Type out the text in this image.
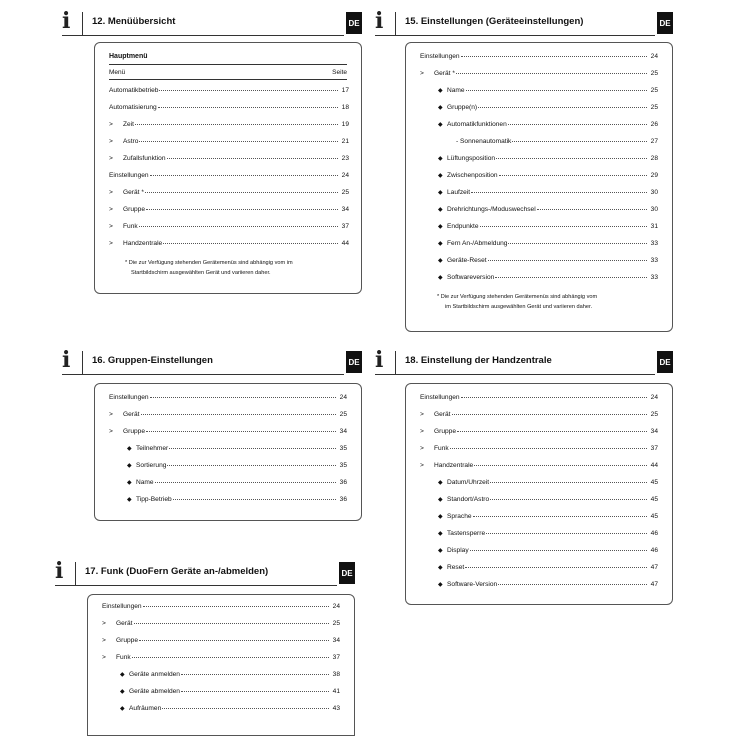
i 12. Menüübersicht	DE
Hauptmenü
Menü	Seite
* Die zur Verfügung stehenden Gerätemenüs sind abhängig vom im
Startbildschirm ausgewählten Gerät und variieren daher.
Automatikbetrieb	17
Automatisierung	18
>	Zeit	19
>	Astro	21
>	Zufallsfunktion	23
Einstellungen	24
>	Gerät *	25
>	Gruppe	34
>	Funk	37
>	Handzentrale	44
i 15. Einstellungen (Geräteeinstellungen)	DE
* Die zur Verfügung stehenden Gerätemenüs sind abhängig vom
im Startbildschirm ausgewählten Gerät und variieren daher.
i 16. Gruppen-Einstellungen	DE
i 17. Funk (DuoFern Geräte an-/abmelden)	DE
i 18. Einstellung der Handzentrale	DE
Einstellungen	24
>	Gerät *	25
◆ Name	25
◆ Gruppe(n)	25
◆ Automatikfunktionen	26
- Sonnenautomatik	27
◆ Lüftungsposition	28
◆ Zwischenposition	29
◆ Laufzeit	30
◆ Drehrichtungs-/Moduswechsel	30
◆ Endpunkte	31
◆ Fern An-/Abmeldung	33
◆ Geräte-Reset	33
◆ Softwareversion	33
Einstellungen	24
>	Gerät	25
>	Gruppe	34
◆ Teilnehmer	35
◆ Sortierung	35
◆ Name	36
◆ Tipp-Betrieb	36
Einstellungen	24
>	Gerät	25
>	Gruppe	34
>	Funk	37
◆ Geräte anmelden	38
◆ Geräte abmelden	41
◆ Aufräumen	43
Einstellungen	24
>	Gerät	25
>	Gruppe	34
>	Funk	37
>	Handzentrale	44
◆ Datum/Uhrzeit	45
◆ Standort/Astro	45
◆ Sprache	45
◆ Tastensperre	46
◆ Display	46
◆ Reset	47
◆ Software-Version	47
